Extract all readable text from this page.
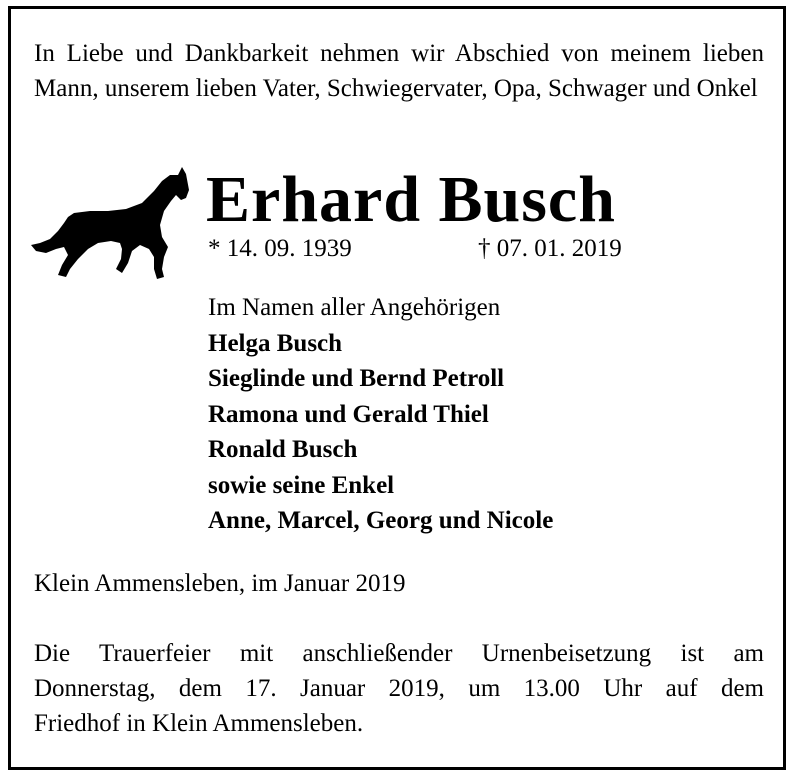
In Liebe und Dankbarkeit nehmen wir Abschied von meinem lieben Mann, unserem lieben Vater, Schwiegervater, Opa, Schwager und Onkel
Erhard Busch
* 14. 09. 1939	† 07. 01. 2019
Im Namen aller Angehörigen
Helga Busch
Sieglinde und Bernd Petroll
Ramona und Gerald Thiel
Ronald Busch
sowie seine Enkel
Anne, Marcel, Georg und Nicole
Klein Ammensleben, im Januar 2019
Die Trauerfeier mit anschließender Urnenbeisetzung ist am
Donnerstag, dem 17. Januar 2019, um 13.00 Uhr auf dem
Friedhof in Klein Ammensleben.
